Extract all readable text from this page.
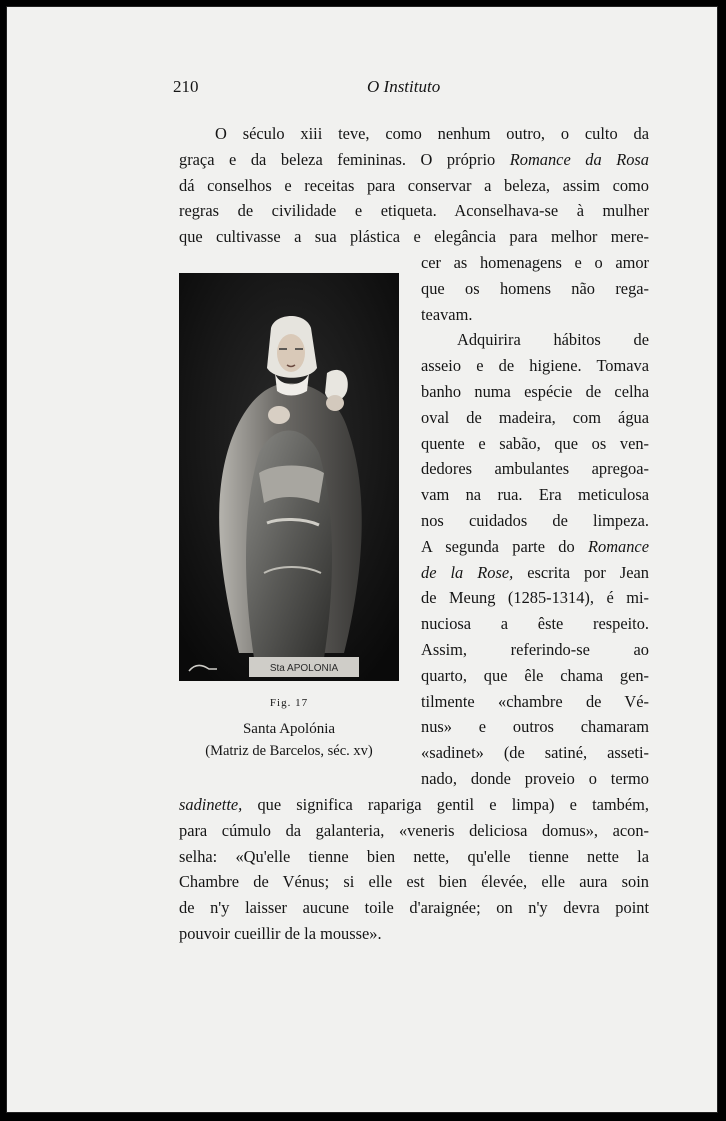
210	O Instituto
O século xiii teve, como nenhum outro, o culto da
graça e da beleza femininas. O próprio Romance da Rosa
dá conselhos e receitas para conservar a beleza, assim como
regras de civilidade e etiqueta. Aconselhava-se à mulher
que cultivasse a sua plástica e elegância para melhor mere-
Sta APOLONIA
Fig. 17
Santa Apolónia
(Matriz de Barcelos, séc. xv)
cer as homenagens e o amor
que os homens não rega-
teavam.
Adquirira hábitos de
asseio e de higiene. Tomava
banho numa espécie de celha
oval de madeira, com água
quente e sabão, que os ven-
dedores ambulantes apregoa-
vam na rua. Era meticulosa
nos cuidados de limpeza.
A segunda parte do Romance
de la Rose, escrita por Jean
de Meung (1285-1314), é mi-
nuciosa a êste respeito.
Assim, referindo-se ao
quarto, que êle chama gen-
tilmente «chambre de Vé-
nus» e outros chamaram
«sadinet» (de satiné, asseti-
nado, donde proveio o termo
sadinette, que significa rapariga gentil e limpa) e também,
para cúmulo da galanteria, «veneris deliciosa domus», acon-
selha: «Qu'elle tienne bien nette, qu'elle tienne nette la
Chambre de Vénus; si elle est bien élevée, elle aura soin
de n'y laisser aucune toile d'araignée; on n'y devra point
pouvoir cueillir de la mousse».
